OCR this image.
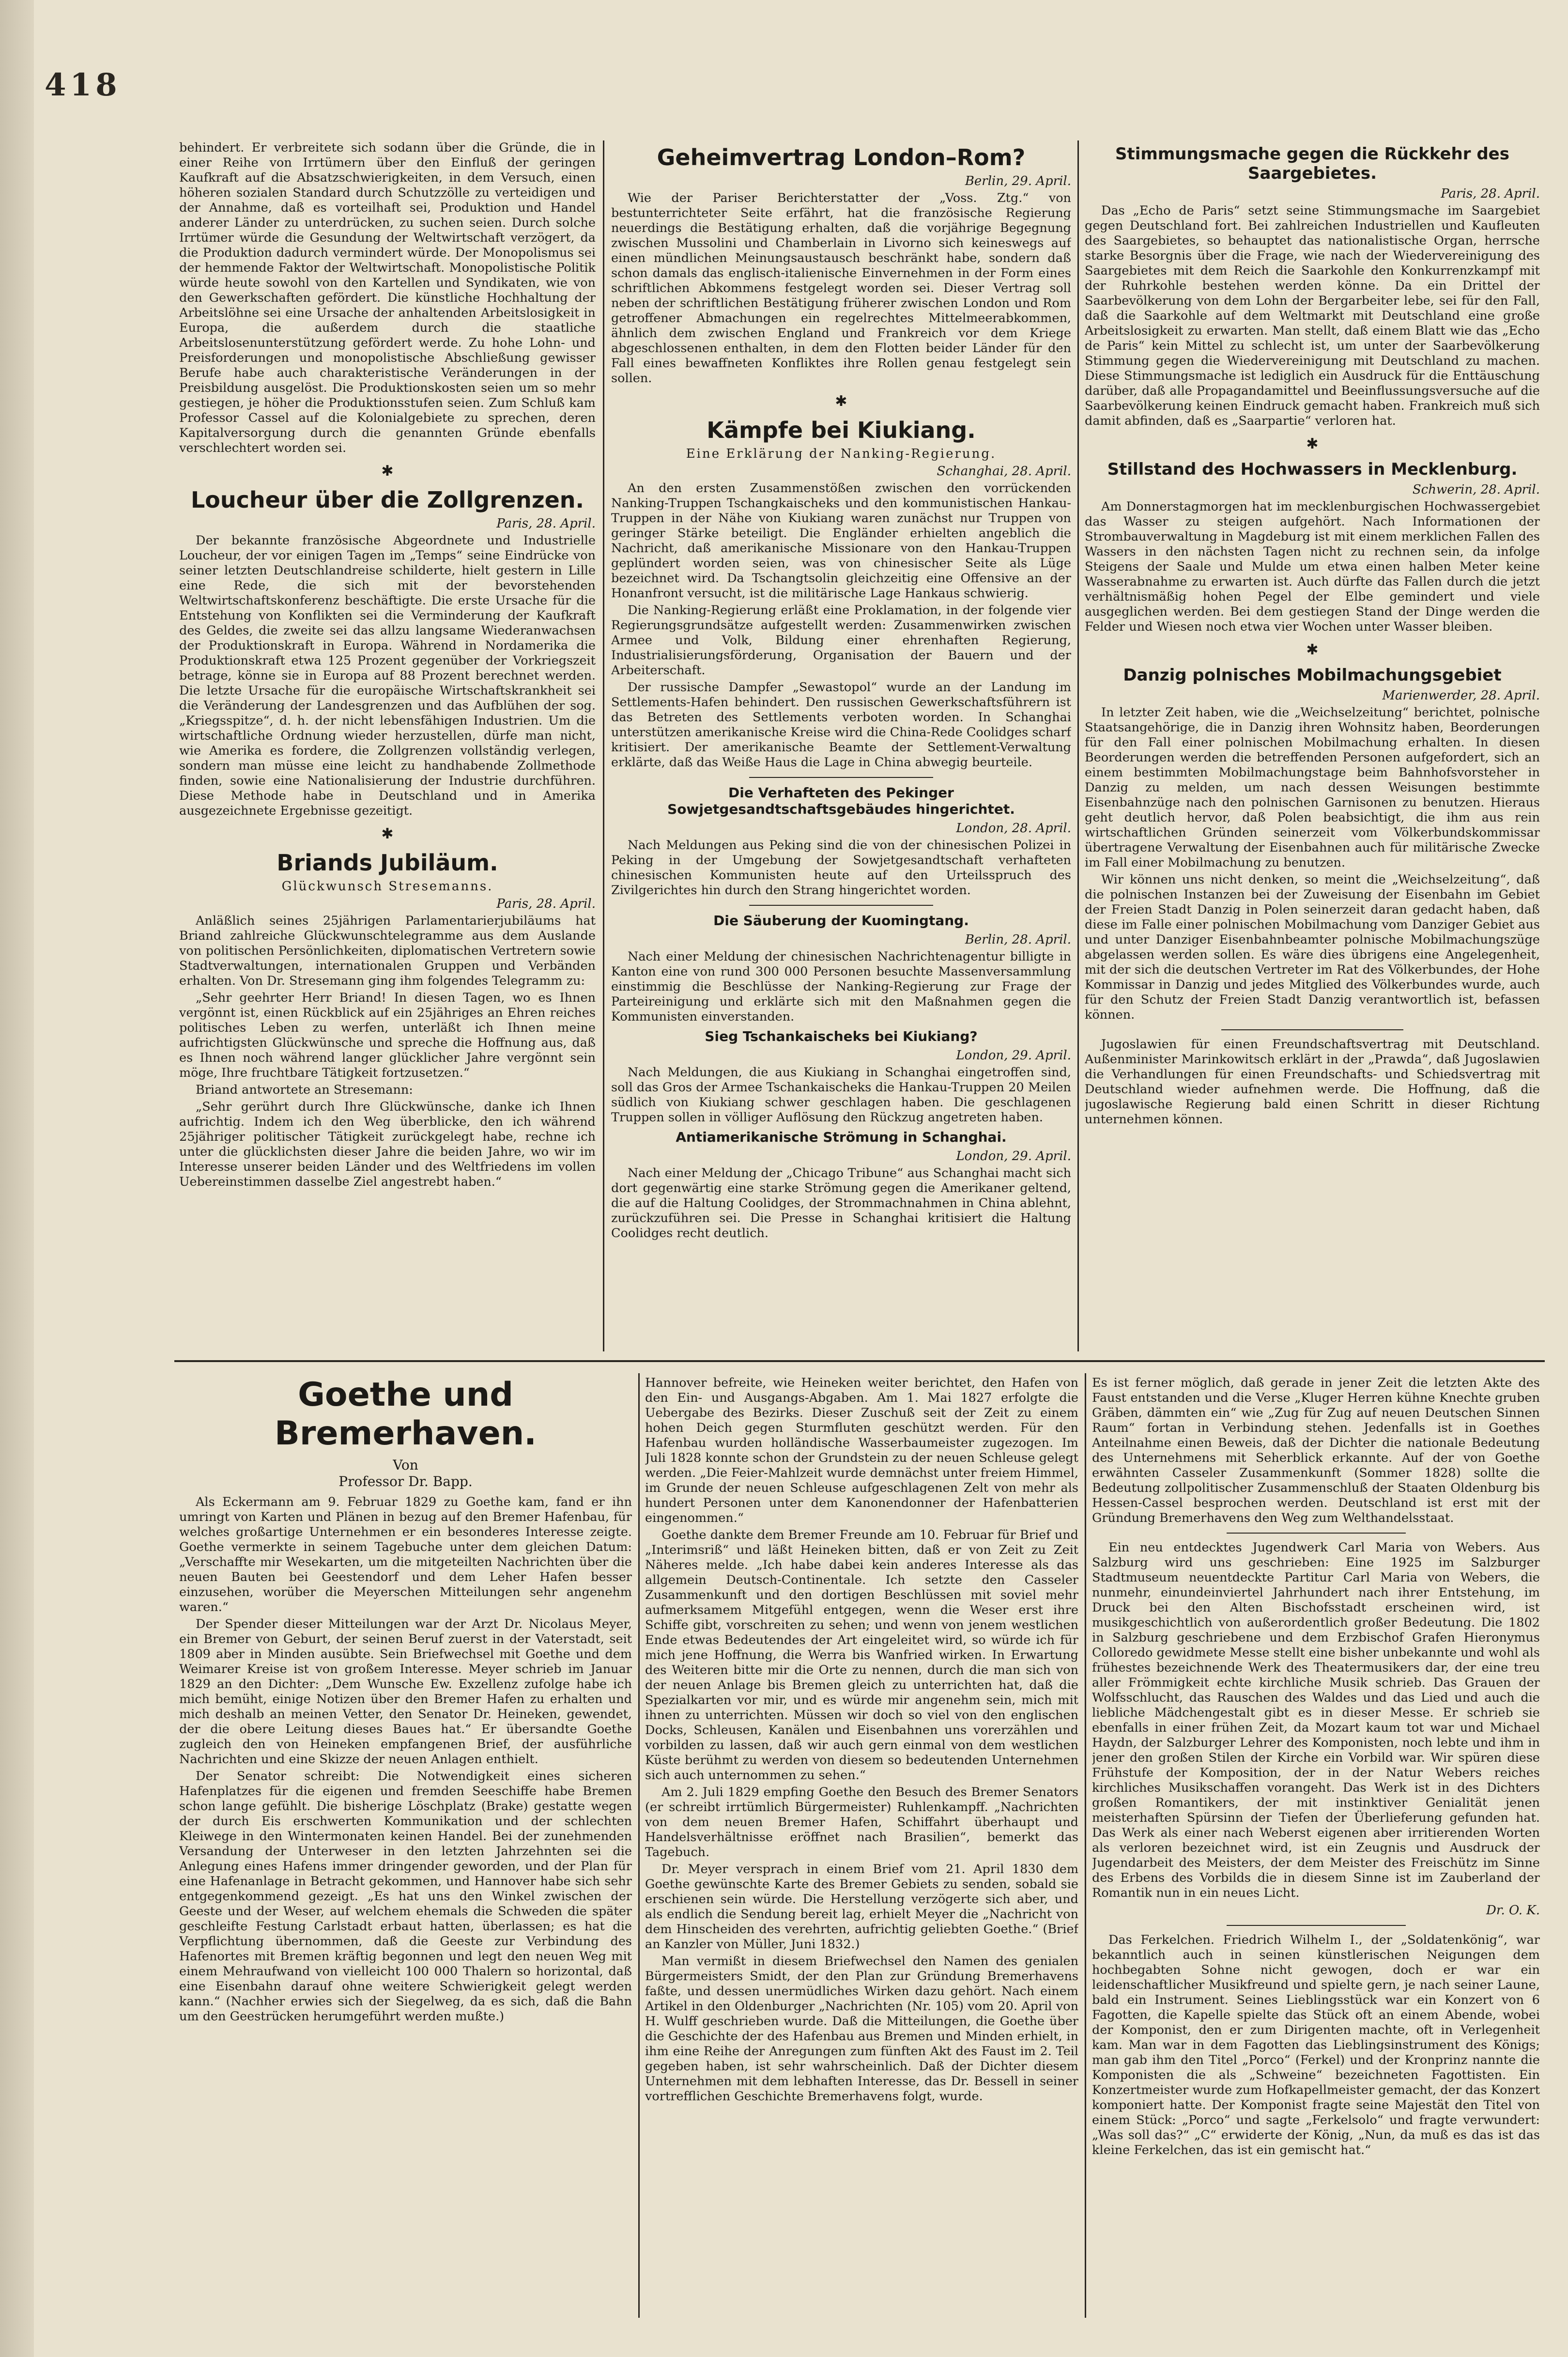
418

behindert. Er verbreitete sich sodann über die Gründe, die in einer Reihe von Irrtümern über den Einfluß der geringen Kaufkraft auf die Absatzschwierigkeiten, in dem Versuch, einen höheren sozialen Standard durch Schutzzölle zu verteidigen und der Annahme, daß es vorteilhaft sei, Produktion und Handel anderer Länder zu unterdrücken, zu suchen seien. Durch solche Irrtümer würde die Gesundung der Weltwirtschaft verzögert, da die Produktion dadurch vermindert würde. Der Monopolismus sei der hemmende Faktor der Weltwirtschaft. Monopolistische Politik würde heute sowohl von den Kartellen und Syndikaten, wie von den Gewerkschaften gefördert. Die künstliche Hochhaltung der Arbeitslöhne sei eine Ursache der anhaltenden Arbeitslosigkeit in Europa, die außerdem durch die staatliche Arbeitslosenunterstützung gefördert werde. Zu hohe Lohn- und Preisforderungen und monopolistische Abschließung gewisser Berufe habe auch charakteristische Veränderungen in der Preisbildung ausgelöst. Die Produktionskosten seien um so mehr gestiegen, je höher die Produktionsstufen seien. Zum Schluß kam Professor Cassel auf die Kolonialgebiete zu sprechen, deren Kapitalversorgung durch die genannten Gründe ebenfalls verschlechtert worden sei.

✱
Loucheur über die Zollgrenzen.
Paris, 28. April.

Der bekannte französische Abgeordnete und Industrielle Loucheur, der vor einigen Tagen im „Temps“ seine Eindrücke von seiner letzten Deutschlandreise schilderte, hielt gestern in Lille eine Rede, die sich mit der bevorstehenden Weltwirtschaftskonferenz beschäftigte. Die erste Ursache für die Entstehung von Konflikten sei die Verminderung der Kaufkraft des Geldes, die zweite sei das allzu langsame Wiederanwachsen der Produktionskraft in Europa. Während in Nordamerika die Produktionskraft etwa 125 Prozent gegenüber der Vorkriegszeit betrage, könne sie in Europa auf 88 Prozent berechnet werden. Die letzte Ursache für die europäische Wirtschaftskrankheit sei die Veränderung der Landesgrenzen und das Aufblühen der sog. „Kriegsspitze“, d. h. der nicht lebensfähigen Industrien. Um die wirtschaftliche Ordnung wieder herzustellen, dürfe man nicht, wie Amerika es fordere, die Zollgrenzen vollständig verlegen, sondern man müsse eine leicht zu handhabende Zollmethode finden, sowie eine Nationalisierung der Industrie durchführen. Diese Methode habe in Deutschland und in Amerika ausgezeichnete Ergebnisse gezeitigt.

✱
Briands Jubiläum.
Glückwunsch Stresemanns.
Paris, 28. April.

Anläßlich seines 25jährigen Parlamentarierjubiläums hat Briand zahlreiche Glückwunschtelegramme aus dem Auslande von politischen Persönlichkeiten, diplomatischen Vertretern sowie Stadtverwaltungen, internationalen Gruppen und Verbänden erhalten. Von Dr. Stresemann ging ihm folgendes Telegramm zu:

„Sehr geehrter Herr Briand! In diesen Tagen, wo es Ihnen vergönnt ist, einen Rückblick auf ein 25jähriges an Ehren reiches politisches Leben zu werfen, unterläßt ich Ihnen meine aufrichtigsten Glückwünsche und spreche die Hoffnung aus, daß es Ihnen noch während langer glücklicher Jahre vergönnt sein möge, Ihre fruchtbare Tätigkeit fortzusetzen.“

Briand antwortete an Stresemann:

„Sehr gerührt durch Ihre Glückwünsche, danke ich Ihnen aufrichtig. Indem ich den Weg überblicke, den ich während 25jähriger politischer Tätigkeit zurückgelegt habe, rechne ich unter die glücklichsten dieser Jahre die beiden Jahre, wo wir im Interesse unserer beiden Länder und des Weltfriedens im vollen Uebereinstimmen dasselbe Ziel angestrebt haben.“

Geheimvertrag London–Rom?
Berlin, 29. April.

Wie der Pariser Berichterstatter der „Voss. Ztg.“ von bestunterrichteter Seite erfährt, hat die französische Regierung neuerdings die Bestätigung erhalten, daß die vorjährige Begegnung zwischen Mussolini und Chamberlain in Livorno sich keineswegs auf einen mündlichen Meinungsaustausch beschränkt habe, sondern daß schon damals das englisch-italienische Einvernehmen in der Form eines schriftlichen Abkommens festgelegt worden sei. Dieser Vertrag soll neben der schriftlichen Bestätigung früherer zwischen London und Rom getroffener Abmachungen ein regelrechtes Mittelmeerabkommen, ähnlich dem zwischen England und Frankreich vor dem Kriege abgeschlossenen enthalten, in dem den Flotten beider Länder für den Fall eines bewaffneten Konfliktes ihre Rollen genau festgelegt sein sollen.

✱
Kämpfe bei Kiukiang.
Eine Erklärung der Nanking-Regierung.
Schanghai, 28. April.

An den ersten Zusammenstößen zwischen den vorrückenden Nanking-Truppen Tschangkaischeks und den kommunistischen Hankau-Truppen in der Nähe von Kiukiang waren zunächst nur Truppen von geringer Stärke beteiligt. Die Engländer erhielten angeblich die Nachricht, daß amerikanische Missionare von den Hankau-Truppen geplündert worden seien, was von chinesischer Seite als Lüge bezeichnet wird. Da Tschangtsolin gleichzeitig eine Offensive an der Honanfront versucht, ist die militärische Lage Hankaus schwierig.

Die Nanking-Regierung erläßt eine Proklamation, in der folgende vier Regierungsgrundsätze aufgestellt werden: Zusammenwirken zwischen Armee und Volk, Bildung einer ehrenhaften Regierung, Industrialisierungsförderung, Organisation der Bauern und der Arbeiterschaft.

Der russische Dampfer „Sewastopol“ wurde an der Landung im Settlements-Hafen behindert. Den russischen Gewerkschaftsführern ist das Betreten des Settlements verboten worden. In Schanghai unterstützen amerikanische Kreise wird die China-Rede Coolidges scharf kritisiert. Der amerikanische Beamte der Settlement-Verwaltung erklärte, daß das Weiße Haus die Lage in China abwegig beurteile.

Die Verhafteten des Pekinger Sowjetgesandtschaftsgebäudes hingerichtet.
London, 28. April.

Nach Meldungen aus Peking sind die von der chinesischen Polizei in Peking in der Umgebung der Sowjetgesandtschaft verhafteten chinesischen Kommunisten heute auf den Urteilsspruch des Zivilgerichtes hin durch den Strang hingerichtet worden.

Die Säuberung der Kuomingtang.
Berlin, 28. April.

Nach einer Meldung der chinesischen Nachrichtenagentur billigte in Kanton eine von rund 300 000 Personen besuchte Massenversammlung einstimmig die Beschlüsse der Nanking-Regierung zur Frage der Parteireinigung und erklärte sich mit den Maßnahmen gegen die Kommunisten einverstanden.

Sieg Tschankaischeks bei Kiukiang?
London, 29. April.

Nach Meldungen, die aus Kiukiang in Schanghai eingetroffen sind, soll das Gros der Armee Tschankaischeks die Hankau-Truppen 20 Meilen südlich von Kiukiang schwer geschlagen haben. Die geschlagenen Truppen sollen in völliger Auflösung den Rückzug angetreten haben.

Antiamerikanische Strömung in Schanghai.
London, 29. April.

Nach einer Meldung der „Chicago Tribune“ aus Schanghai macht sich dort gegenwärtig eine starke Strömung gegen die Amerikaner geltend, die auf die Haltung Coolidges, der Strommachnahmen in China ablehnt, zurückzuführen sei. Die Presse in Schanghai kritisiert die Haltung Coolidges recht deutlich.

Stimmungsmache gegen die Rückkehr des Saargebietes.
Paris, 28. April.

Das „Echo de Paris“ setzt seine Stimmungsmache im Saargebiet gegen Deutschland fort. Bei zahlreichen Industriellen und Kaufleuten des Saargebietes, so behauptet das nationalistische Organ, herrsche starke Besorgnis über die Frage, wie nach der Wiedervereinigung des Saargebietes mit dem Reich die Saarkohle den Konkurrenzkampf mit der Ruhrkohle bestehen werden könne. Da ein Drittel der Saarbevölkerung von dem Lohn der Bergarbeiter lebe, sei für den Fall, daß die Saarkohle auf dem Weltmarkt mit Deutschland eine große Arbeitslosigkeit zu erwarten. Man stellt, daß einem Blatt wie das „Echo de Paris“ kein Mittel zu schlecht ist, um unter der Saarbevölkerung Stimmung gegen die Wiedervereinigung mit Deutschland zu machen. Diese Stimmungsmache ist lediglich ein Ausdruck für die Enttäuschung darüber, daß alle Propagandamittel und Beeinflussungsversuche auf die Saarbevölkerung keinen Eindruck gemacht haben. Frankreich muß sich damit abfinden, daß es „Saarpartie“ verloren hat.

✱
Stillstand des Hochwassers in Mecklenburg.
Schwerin, 28. April.

Am Donnerstagmorgen hat im mecklenburgischen Hochwassergebiet das Wasser zu steigen aufgehört. Nach Informationen der Strombauverwaltung in Magdeburg ist mit einem merklichen Fallen des Wassers in den nächsten Tagen nicht zu rechnen sein, da infolge Steigens der Saale und Mulde um etwa einen halben Meter keine Wasserabnahme zu erwarten ist. Auch dürfte das Fallen durch die jetzt verhältnismäßig hohen Pegel der Elbe gemindert und viele ausgeglichen werden. Bei dem gestiegen Stand der Dinge werden die Felder und Wiesen noch etwa vier Wochen unter Wasser bleiben.

✱
Danzig polnisches Mobilmachungsgebiet
Marienwerder, 28. April.

In letzter Zeit haben, wie die „Weichselzeitung“ berichtet, polnische Staatsangehörige, die in Danzig ihren Wohnsitz haben, Beorderungen für den Fall einer polnischen Mobilmachung erhalten. In diesen Beorderungen werden die betreffenden Personen aufgefordert, sich an einem bestimmten Mobilmachungstage beim Bahnhofsvorsteher in Danzig zu melden, um nach dessen Weisungen bestimmte Eisenbahnzüge nach den polnischen Garnisonen zu benutzen. Hieraus geht deutlich hervor, daß Polen beabsichtigt, die ihm aus rein wirtschaftlichen Gründen seinerzeit vom Völkerbundskommissar übertragene Verwaltung der Eisenbahnen auch für militärische Zwecke im Fall einer Mobilmachung zu benutzen.

Wir können uns nicht denken, so meint die „Weichselzeitung“, daß die polnischen Instanzen bei der Zuweisung der Eisenbahn im Gebiet der Freien Stadt Danzig in Polen seinerzeit daran gedacht haben, daß diese im Falle einer polnischen Mobilmachung vom Danziger Gebiet aus und unter Danziger Eisenbahnbeamter polnische Mobilmachungszüge abgelassen werden sollen. Es wäre dies übrigens eine Angelegenheit, mit der sich die deutschen Vertreter im Rat des Völkerbundes, der Hohe Kommissar in Danzig und jedes Mitglied des Völkerbundes wurde, auch für den Schutz der Freien Stadt Danzig verantwortlich ist, befassen können.

Jugoslawien für einen Freundschaftsvertrag mit Deutschland. Außenminister Marinkowitsch erklärt in der „Prawda“, daß Jugoslawien die Verhandlungen für einen Freundschafts- und Schiedsvertrag mit Deutschland wieder aufnehmen werde. Die Hoffnung, daß die jugoslawische Regierung bald einen Schritt in dieser Richtung unternehmen können.

Goethe und Bremerhaven.
Von
Professor Dr. Bapp.

Als Eckermann am 9. Februar 1829 zu Goethe kam, fand er ihn umringt von Karten und Plänen in bezug auf den Bremer Hafenbau, für welches großartige Unternehmen er ein besonderes Interesse zeigte. Goethe vermerkte in seinem Tagebuche unter dem gleichen Datum: „Verschaffte mir Wesekarten, um die mitgeteilten Nachrichten über die neuen Bauten bei Geestendorf und dem Leher Hafen besser einzusehen, worüber die Meyerschen Mitteilungen sehr angenehm waren.“

Der Spender dieser Mitteilungen war der Arzt Dr. Nicolaus Meyer, ein Bremer von Geburt, der seinen Beruf zuerst in der Vaterstadt, seit 1809 aber in Minden ausübte. Sein Briefwechsel mit Goethe und dem Weimarer Kreise ist von großem Interesse. Meyer schrieb im Januar 1829 an den Dichter: „Dem Wunsche Ew. Exzellenz zufolge habe ich mich bemüht, einige Notizen über den Bremer Hafen zu erhalten und mich deshalb an meinen Vetter, den Senator Dr. Heineken, gewendet, der die obere Leitung dieses Baues hat.“ Er übersandte Goethe zugleich den von Heineken empfangenen Brief, der ausführliche Nachrichten und eine Skizze der neuen Anlagen enthielt.

Der Senator schreibt: Die Notwendigkeit eines sicheren Hafenplatzes für die eigenen und fremden Seeschiffe habe Bremen schon lange gefühlt. Die bisherige Löschplatz (Brake) gestatte wegen der durch Eis erschwerten Kommunikation und der schlechten Kleiwege in den Wintermonaten keinen Handel. Bei der zunehmenden Versandung der Unterweser in den letzten Jahrzehnten sei die Anlegung eines Hafens immer dringender geworden, und der Plan für eine Hafenanlage in Betracht gekommen, und Hannover habe sich sehr entgegenkommend gezeigt. „Es hat uns den Winkel zwischen der Geeste und der Weser, auf welchem ehemals die Schweden die später geschleifte Festung Carlstadt erbaut hatten, überlassen; es hat die Verpflichtung übernommen, daß die Geeste zur Verbindung des Hafenortes mit Bremen kräftig begonnen und legt den neuen Weg mit einem Mehraufwand von vielleicht 100 000 Thalern so horizontal, daß eine Eisenbahn darauf ohne weitere Schwierigkeit gelegt werden kann.“ (Nachher erwies sich der Siegelweg, da es sich, daß die Bahn um den Geestrücken herumgeführt werden mußte.)

Hannover befreite, wie Heineken weiter berichtet, den Hafen von den Ein- und Ausgangs-Abgaben. Am 1. Mai 1827 erfolgte die Uebergabe des Bezirks. Dieser Zuschuß seit der Zeit zu einem hohen Deich gegen Sturmfluten geschützt werden. Für den Hafenbau wurden holländische Wasserbaumeister zugezogen. Im Juli 1828 konnte schon der Grundstein zu der neuen Schleuse gelegt werden. „Die Feier-Mahlzeit wurde demnächst unter freiem Himmel, im Grunde der neuen Schleuse aufgeschlagenen Zelt von mehr als hundert Personen unter dem Kanonendonner der Hafenbatterien eingenommen.“

Goethe dankte dem Bremer Freunde am 10. Februar für Brief und „Interimsriß“ und läßt Heineken bitten, daß er von Zeit zu Zeit Näheres melde. „Ich habe dabei kein anderes Interesse als das allgemein Deutsch-Continentale. Ich setzte den Casseler Zusammenkunft und den dortigen Beschlüssen mit soviel mehr aufmerksamem Mitgefühl entgegen, wenn die Weser erst ihre Schiffe gibt, vorschreiten zu sehen; und wenn von jenem westlichen Ende etwas Bedeutendes der Art eingeleitet wird, so würde ich für mich jene Hoffnung, die Werra bis Wanfried wirken. In Erwartung des Weiteren bitte mir die Orte zu nennen, durch die man sich von der neuen Anlage bis Bremen gleich zu unterrichten hat, daß die Spezialkarten vor mir, und es würde mir angenehm sein, mich mit ihnen zu unterrichten. Müssen wir doch so viel von den englischen Docks, Schleusen, Kanälen und Eisenbahnen uns vorerzählen und vorbilden zu lassen, daß wir auch gern einmal von dem westlichen Küste berühmt zu werden von diesem so bedeutenden Unternehmen sich auch unternommen zu sehen.“

Am 2. Juli 1829 empfing Goethe den Besuch des Bremer Senators (er schreibt irrtümlich Bürgermeister) Ruhlenkampff. „Nachrichten von dem neuen Bremer Hafen, Schiffahrt überhaupt und Handelsverhältnisse eröffnet nach Brasilien“, bemerkt das Tagebuch.

Dr. Meyer versprach in einem Brief vom 21. April 1830 dem Goethe gewünschte Karte des Bremer Gebiets zu senden, sobald sie erschienen sein würde. Die Herstellung verzögerte sich aber, und als endlich die Sendung bereit lag, erhielt Meyer die „Nachricht von dem Hinscheiden des verehrten, aufrichtig geliebten Goethe.“ (Brief an Kanzler von Müller, Juni 1832.)

Man vermißt in diesem Briefwechsel den Namen des genialen Bürgermeisters Smidt, der den Plan zur Gründung Bremerhavens faßte, und dessen unermüdliches Wirken dazu gehört. Nach einem Artikel in den Oldenburger „Nachrichten (Nr. 105) vom 20. April von H. Wulff geschrieben wurde. Daß die Mitteilungen, die Goethe über die Geschichte der des Hafenbau aus Bremen und Minden erhielt, in ihm eine Reihe der Anregungen zum fünften Akt des Faust im 2. Teil gegeben haben, ist sehr wahrscheinlich. Daß der Dichter diesem Unternehmen mit dem lebhaften Interesse, das Dr. Bessell in seiner vortrefflichen Geschichte Bremerhavens folgt, wurde.

Es ist ferner möglich, daß gerade in jener Zeit die letzten Akte des Faust entstanden und die Verse „Kluger Herren kühne Knechte gruben Gräben, dämmten ein“ wie „Zug für Zug auf neuen Deutschen Sinnen Raum“ fortan in Verbindung stehen. Jedenfalls ist in Goethes Anteilnahme einen Beweis, daß der Dichter die nationale Bedeutung des Unternehmens mit Seherblick erkannte. Auf der von Goethe erwähnten Casseler Zusammenkunft (Sommer 1828) sollte die Bedeutung zollpolitischer Zusammenschluß der Staaten Oldenburg bis Hessen-Cassel besprochen werden. Deutschland ist erst mit der Gründung Bremerhavens den Weg zum Welthandelsstaat.

Ein neu entdecktes Jugendwerk Carl Maria von Webers. Aus Salzburg wird uns geschrieben: Eine 1925 im Salzburger Stadtmuseum neuentdeckte Partitur Carl Maria von Webers, die nunmehr, einundeinviertel Jahrhundert nach ihrer Entstehung, im Druck bei den Alten Bischofsstadt erscheinen wird, ist musikgeschichtlich von außerordentlich großer Bedeutung. Die 1802 in Salzburg geschriebene und dem Erzbischof Grafen Hieronymus Colloredo gewidmete Messe stellt eine bisher unbekannte und wohl als frühestes bezeichnende Werk des Theatermusikers dar, der eine treu aller Frömmigkeit echte kirchliche Musik schrieb. Das Grauen der Wolfsschlucht, das Rauschen des Waldes und das Lied und auch die liebliche Mädchengestalt gibt es in dieser Messe. Er schrieb sie ebenfalls in einer frühen Zeit, da Mozart kaum tot war und Michael Haydn, der Salzburger Lehrer des Komponisten, noch lebte und ihm in jener den großen Stilen der Kirche ein Vorbild war. Wir spüren diese Frühstufe der Komposition, der in der Natur Webers reiches kirchliches Musikschaffen vorangeht. Das Werk ist in des Dichters großen Romantikers, der mit instinktiver Genialität jenen meisterhaften Spürsinn der Tiefen der Überlieferung gefunden hat. Das Werk als einer nach Weberst eigenen aber irritierenden Worten als verloren bezeichnet wird, ist ein Zeugnis und Ausdruck der Jugendarbeit des Meisters, der dem Meister des Freischütz im Sinne des Erbens des Vorbilds die in diesem Sinne ist im Zauberland der Romantik nun in ein neues Licht.

Dr. O. K.

Das Ferkelchen. Friedrich Wilhelm I., der „Soldatenkönig“, war bekanntlich auch in seinen künstlerischen Neigungen dem hochbegabten Sohne nicht gewogen, doch er war ein leidenschaftlicher Musikfreund und spielte gern, je nach seiner Laune, bald ein Instrument. Seines Lieblingsstück war ein Konzert von 6 Fagotten, die Kapelle spielte das Stück oft an einem Abende, wobei der Komponist, den er zum Dirigenten machte, oft in Verlegenheit kam. Man war in dem Fagotten das Lieblingsinstrument des Königs; man gab ihm den Titel „Porco“ (Ferkel) und der Kronprinz nannte die Komponisten die als „Schweine“ bezeichneten Fagottisten. Ein Konzertmeister wurde zum Hofkapellmeister gemacht, der das Konzert komponiert hatte. Der Komponist fragte seine Majestät den Titel von einem Stück: „Porco“ und sagte „Ferkelsolo“ und fragte verwundert: „Was soll das?“ „C“ erwiderte der König, „Nun, da muß es das ist das kleine Ferkelchen, das ist ein gemischt hat.“
